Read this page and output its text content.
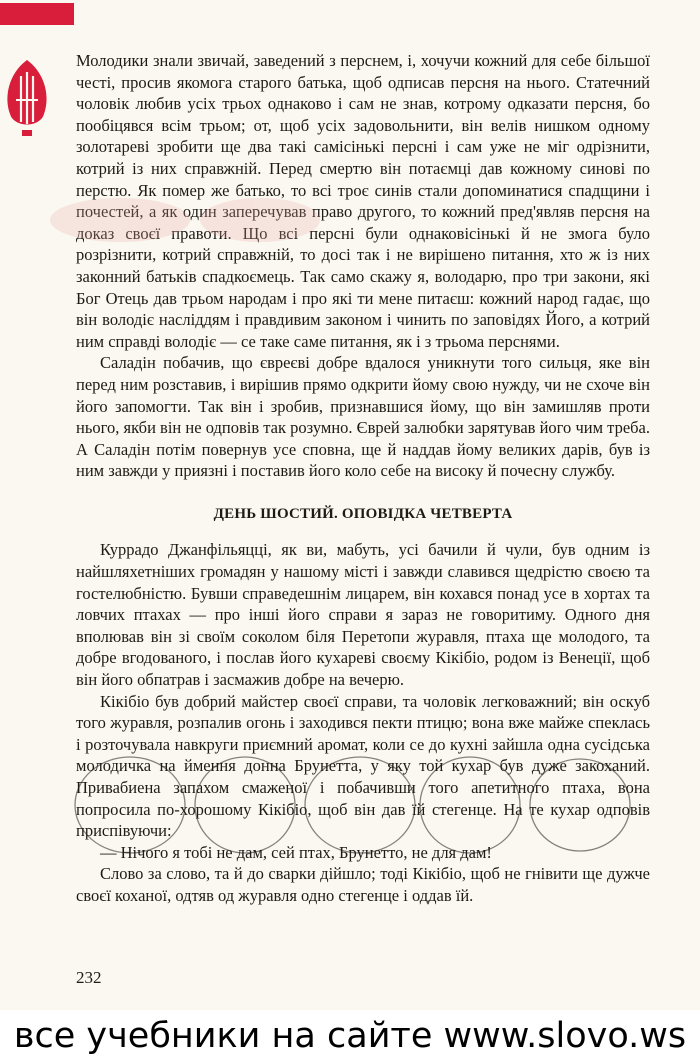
Молодики знали звичай, заведений з перснем, і, хочучи кожний для себе більшої честі, просив якомога старого батька, щоб одписав персня на нього. Статечний чоловік любив усіх трьох однаково і сам не знав, котрому одказати персня, бо пообіцявся всім трьом; от, щоб усіх задовольнити, він велів нишком одному золотареві зробити ще два такі самісінькі персні і сам уже не міг одрізнити, котрий із них справжній. Перед смертю він потаємці дав кожному синові по перстю. Як помер же батько, то всі троє синів стали допоминатися спадщини і почестей, а як один заперечував право другого, то кожний пред'являв персня на доказ своєї правоти. Що всі персні були однаковісінькі й не змога було розрізнити, котрий справжній, то досі так і не вирішено питання, хто ж із них законний батьків спадкоємець. Так само скажу я, володарю, про три закони, які Бог Отець дав трьом народам і про які ти мене питаєш: кожний народ гадає, що він володіє насліддям і правдивим законом і чинить по заповідях Його, а котрий ним справді володіє — се таке саме питання, як і з трьома перснями.

Саладін побачив, що євреєві добре вдалося уникнути того сильця, яке він перед ним розставив, і вирішив прямо одкрити йому свою нужду, чи не схоче він його запомогти. Так він і зробив, признавшися йому, що він замишляв проти нього, якби він не одповів так розумно. Єврей залюбки зарятував його чим треба. А Саладін потім повернув усе сповна, ще й наддав йому великих дарів, був із ним завжди у приязні і поставив його коло себе на високу й почесну службу.

ДЕНЬ ШОСТИЙ. ОПОВІДКА ЧЕТВЕРТА

Куррадо Джанфільяцці, як ви, мабуть, усі бачили й чули, був одним із найшляхетніших громадян у нашому місті і завжди славився щедрістю своєю та гостелюбністю. Бувши справедешнім лицарем, він кохався понад усе в хортах та ловчих птахах — про інші його справи я зараз не говоритиму. Одного дня вполював він зі своїм соколом біля Перетопи журавля, птаха ще молодого, та добре вгодованого, і послав його кухареві своєму Кікібіо, родом із Венеції, щоб він його обпатрав і засмажив добре на вечерю.

Кікібіо був добрий майстер своєї справи, та чоловік легковажний; він оскуб того журавля, розпалив огонь і заходився пекти птицю; вона вже майже спеклась і розточувала навкруги приємний аромат, коли се до кухні зайшла одна сусідська молодичка на ймення донна Брунетта, у яку той кухар був дуже закоханий. Привабиена запахом смаженої і побачивши того апетитного птаха, вона попросила по-хорошому Кікібіо, щоб він дав їй стегенце. На те кухар одповів приспівуючи:

— Нічого я тобі не дам, сей птах, Брунетто, не для дам!

Слово за слово, та й до сварки дійшло; тоді Кікібіо, щоб не гнівити ще дужче своєї коханої, одтяв од журавля одно стегенце і оддав їй.

232
все учебники на сайте www.slovo.ws
